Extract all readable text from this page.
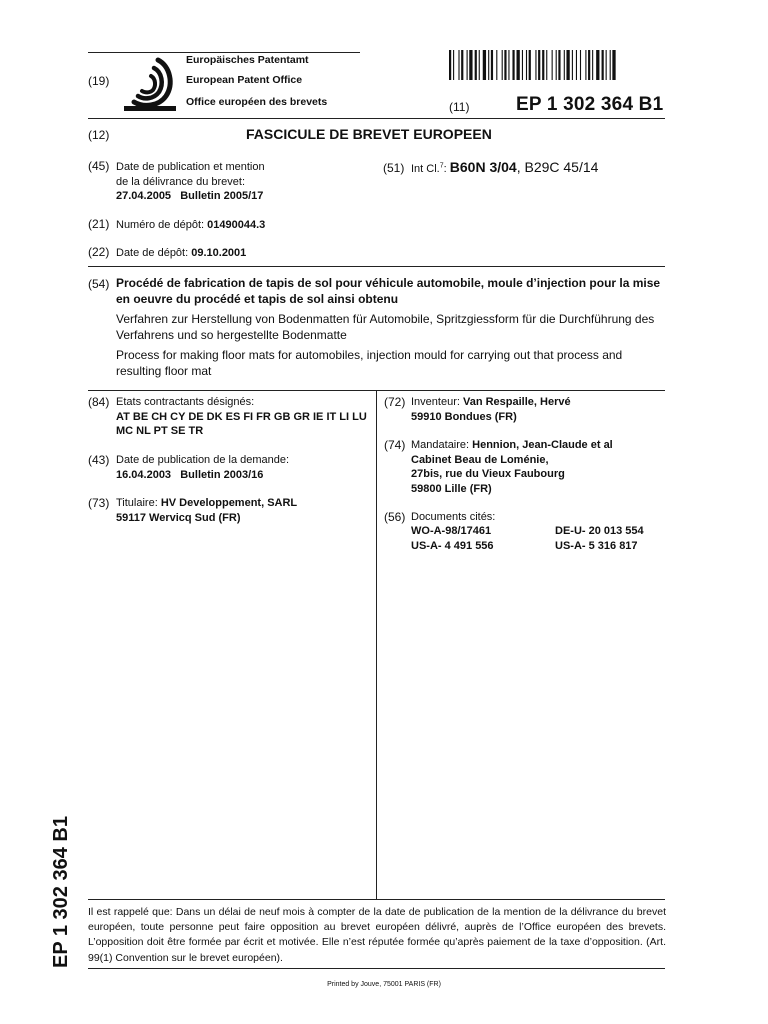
(19)
Europäisches Patentamt
European Patent Office
Office européen des brevets	(11) EP 1 302 364 B1
(12)	FASCICULE DE BREVET EUROPEEN
(45) Date de publication et mention
de la délivrance du brevet:
27.04.2005 Bulletin 2005/17
(51) Int Cl.$^7$: B60N 3/04, B29C 45/14
(21) Numéro de dépôt: 01490044.3
(22) Date de dépôt: 09.10.2001
(54) Procédé de fabrication de tapis de sol pour véhicule automobile, moule d’injection pour la mise en oeuvre du procédé et tapis de sol ainsi obtenu
Verfahren zur Herstellung von Bodenmatten für Automobile, Spritzgiessform für die Durchführung des Verfahrens und so hergestellte Bodenmatte
Process for making floor mats for automobiles, injection mould for carrying out that process and resulting floor mat
(84) Etats contractants désignés:
AT BE CH CY DE DK ES FI FR GB GR IE IT LI LU
MC NL PT SE TR
(43) Date de publication de la demande:
16.04.2003 Bulletin 2003/16
(73) Titulaire: HV Developpement, SARL
59117 Wervicq Sud (FR)
(72) Inventeur: Van Respaille, Hervé
59910 Bondues (FR)
(74) Mandataire: Hennion, Jean-Claude et al
Cabinet Beau de Loménie,
27bis, rue du Vieux Faubourg
59800 Lille (FR)
(56) Documents cités:
WO-A-98/17461	DE-U- 20 013 554
US-A- 4 491 556	US-A- 5 316 817
Il est rappelé que: Dans un délai de neuf mois à compter de la date de publication de la mention de la délivrance du brevet européen, toute personne peut faire opposition au brevet européen délivré, auprès de l’Office européen des brevets. L’opposition doit être formée par écrit et motivée. Elle n’est réputée formée qu’après paiement de la taxe d’opposition. (Art. 99(1) Convention sur le brevet européen).
Printed by Jouve, 75001 PARIS (FR)
EP 1 302 364 B1
